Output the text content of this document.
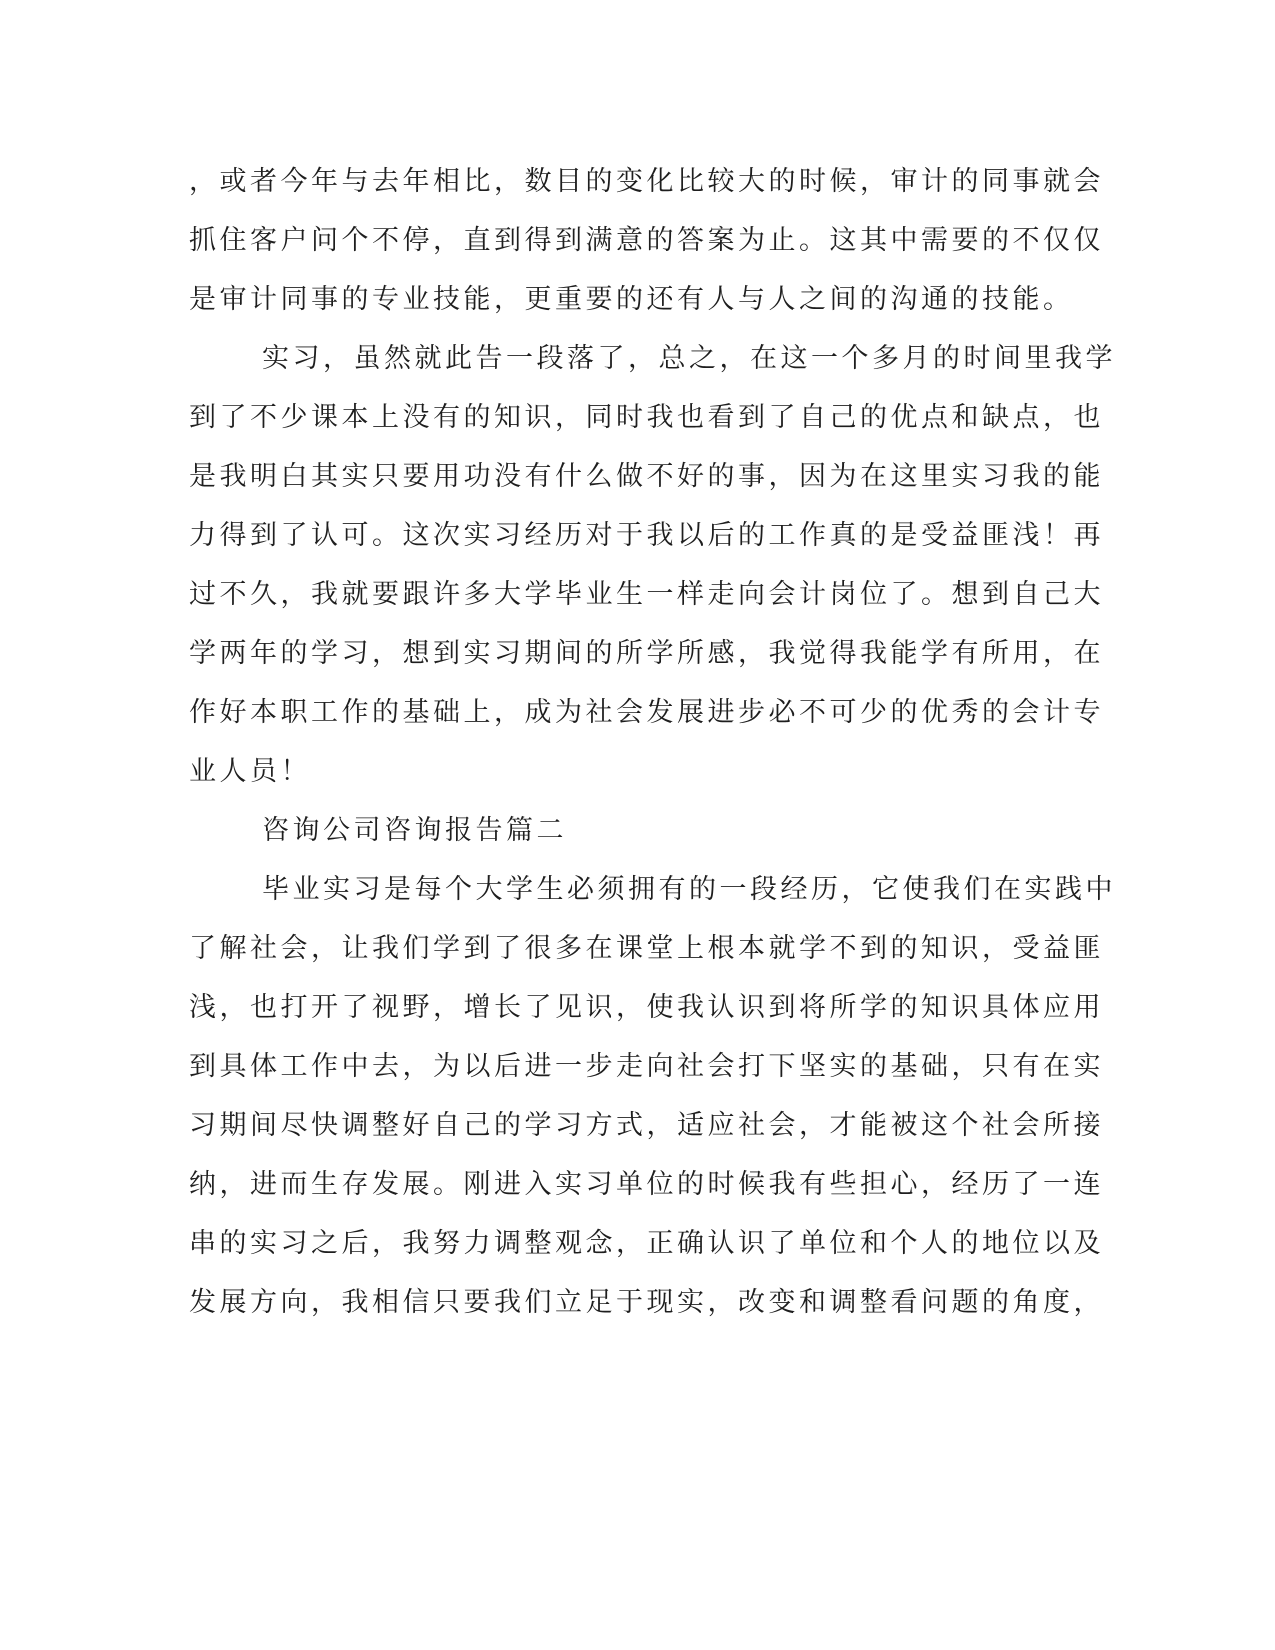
，或者今年与去年相比，数目的变化比较大的时候，审计的同事就会

抓住客户问个不停，直到得到满意的答案为止。这其中需要的不仅仅

是审计同事的专业技能，更重要的还有人与人之间的沟通的技能。

实习，虽然就此告一段落了，总之，在这一个多月的时间里我学

到了不少课本上没有的知识，同时我也看到了自己的优点和缺点，也

是我明白其实只要用功没有什么做不好的事，因为在这里实习我的能

力得到了认可。这次实习经历对于我以后的工作真的是受益匪浅！再

过不久，我就要跟许多大学毕业生一样走向会计岗位了。想到自己大

学两年的学习，想到实习期间的所学所感，我觉得我能学有所用，在

作好本职工作的基础上，成为社会发展进步必不可少的优秀的会计专

业人员！

咨询公司咨询报告篇二

毕业实习是每个大学生必须拥有的一段经历，它使我们在实践中

了解社会，让我们学到了很多在课堂上根本就学不到的知识，受益匪

浅，也打开了视野，增长了见识，使我认识到将所学的知识具体应用

到具体工作中去，为以后进一步走向社会打下坚实的基础，只有在实

习期间尽快调整好自己的学习方式，适应社会，才能被这个社会所接

纳，进而生存发展。刚进入实习单位的时候我有些担心，经历了一连

串的实习之后，我努力调整观念，正确认识了单位和个人的地位以及

发展方向，我相信只要我们立足于现实，改变和调整看问题的角度，
